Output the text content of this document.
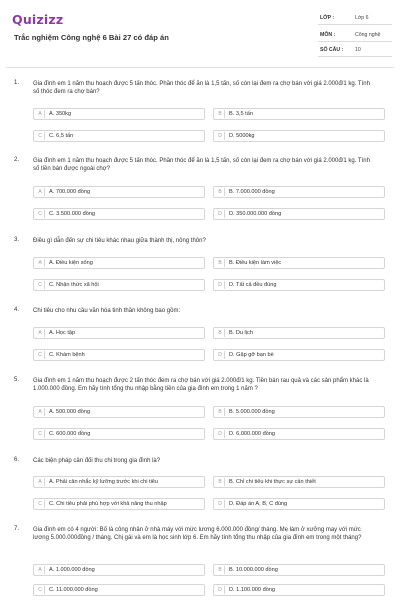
Quizizz
Trắc nghiệm Công nghệ 6 Bài 27 có đáp án
LỚP :	Lớp 6
MÔN :	Công nghệ
SỐ CÂU : 10
1. Gia đình em 1 năm thu hoạch được 5 tấn thóc. Phần thóc để ăn là 1,5 tấn, số còn lại đem ra chợ bán với giá 2.000đ/1 kg. Tính số thóc đem ra chợ bán?
A	A. 350kg	B	B. 3,5 tấn
C	C. 6,5 tấn	D	D. 5000kg
2. Gia đình em 1 năm thu hoạch được 5 tấn thóc. Phần thóc để ăn là 1,5 tấn, số còn lại đem ra chợ bán với giá 2.000đ/1 kg. Tính số tiền bán được ngoài chợ?
A	A. 700.000 đồng	B	B. 7.000.000 đồng
C	C. 3.500.000 đồng	D	D. 350.000.000 đồng
3. Điều gì dẫn đến sự chi tiêu khác nhau giữa thành thị, nông thôn?
A	A. Điều kiện sống	B	B. Điều kiện làm việc
C	C. Nhận thức xã hội	D	D. Tất cả đều đúng
4. Chi tiêu cho nhu cầu văn hóa tinh thần không bao gồm:
A	A. Học tập	B	B. Du lịch
C	C. Khám bệnh	D	D. Gặp gỡ bạn bè
5. Gia đình em 1 năm thu hoạch được 2 tấn thóc đem ra chợ bán với giá 2.000đ/1 kg. Tiền bán rau quả và các sản phẩm khác là 1.000.000 đồng. Em hãy tính tổng thu nhập bằng tiền của gia đình em trong 1 năm ?
A	A. 500.000 đồng	B	B. 5.000.000 đồng
C	C. 600.000 đồng	D	D. 6.000.000 đồng
6. Các biện pháp cân đối thu chi trong gia đình là?
A	A. Phải cân nhắc kỹ lưỡng trước khi chi tiêu	B	B. Chỉ chi tiêu khi thực sự cần thiết
C	C. Chi tiêu phải phù hợp với khả năng thu nhập	D	D. Đáp án A, B, C đúng
7. Gia đình em có 4 người: Bố là công nhân ở nhà máy với mức lương 6.000.000 đồng/ tháng. Mẹ làm ở xưởng may với mức lương 5.000.000đồng / tháng. Chị gái và em là học sinh lớp 6. Em hãy tính tổng thu nhập của gia đình em trong một tháng?
A	A. 1.000.000 đồng	B	B. 10.000.000 đồng
C	C. 11.000.000 đồng	D	D. 1.100.000 đồng
